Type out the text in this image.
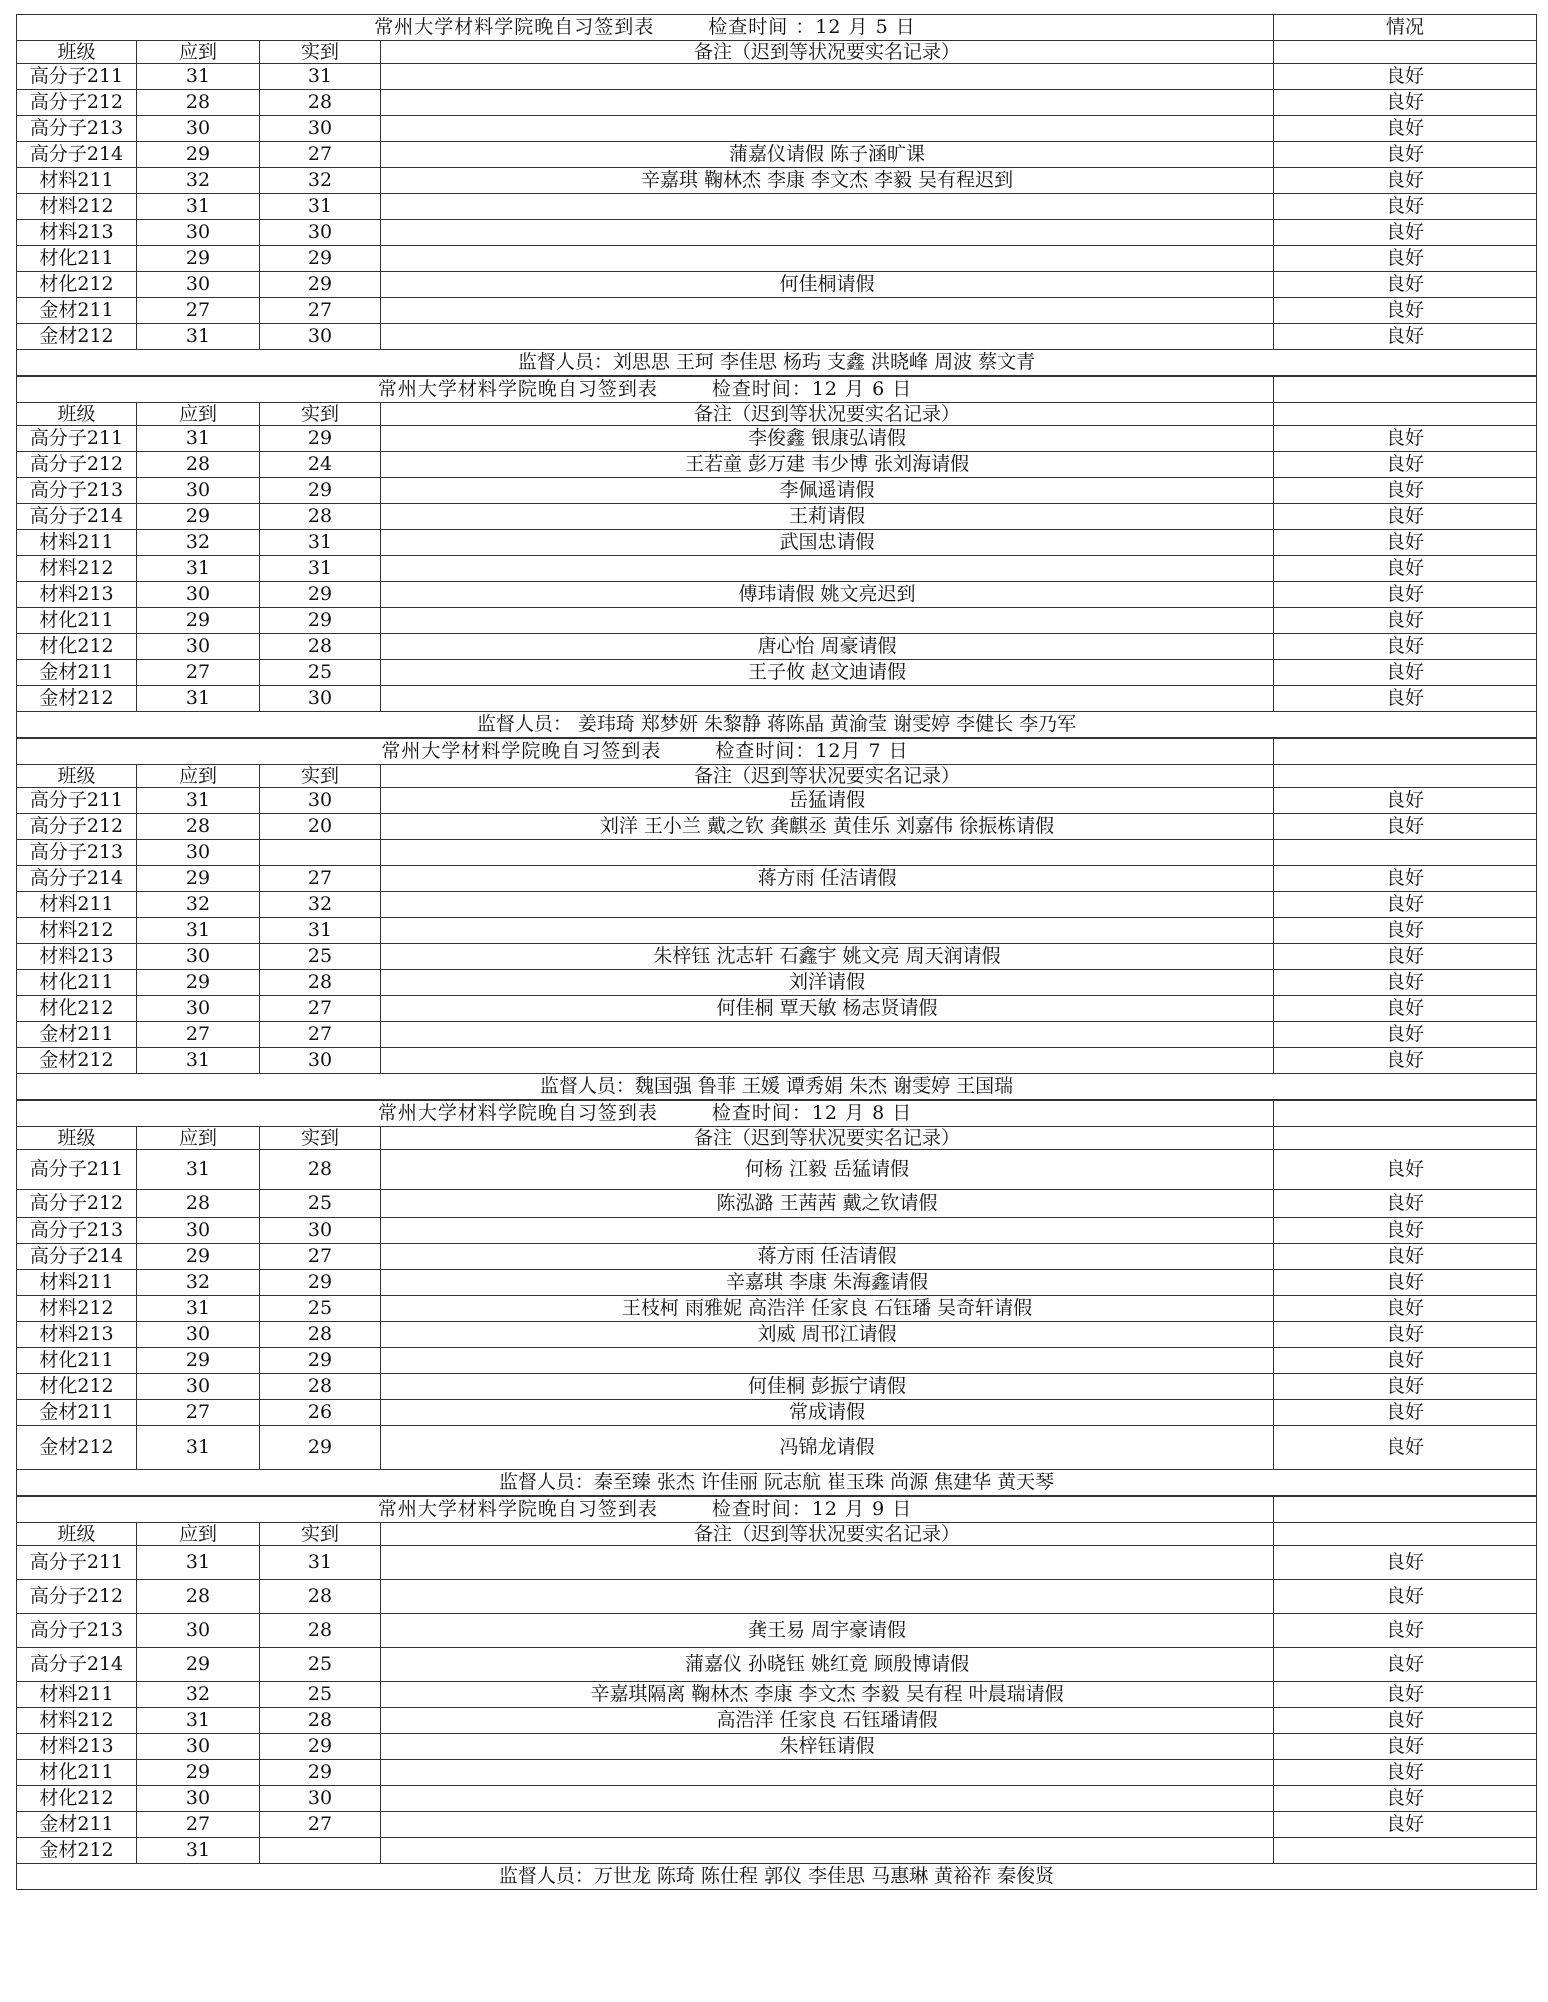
常州大学材料学院晚自习签到表 检查时间 ：12 月 5 日				情况
班级	应到	实到	备注（迟到等状况要实名记录）	
高分子211	31	31		良好
高分子212	28	28		良好
高分子213	30	30		良好
高分子214	29	27	蒲嘉仪请假 陈子涵旷课	良好
材料211	32	32	辛嘉琪 鞠林杰 李康 李文杰 李毅 吴有程迟到	良好
材料212	31	31		良好
材料213	30	30		良好
材化211	29	29		良好
材化212	30	29	何佳桐请假	良好
金材211	27	27		良好
金材212	31	30		良好
监督人员：刘思思 王珂 李佳思 杨玙 支鑫 洪晓峰 周波 蔡文青				
常州大学材料学院晚自习签到表 检查时间：12 月 6 日				
班级	应到	实到	备注（迟到等状况要实名记录）	
高分子211	31	29	李俊鑫 银康弘请假	良好
高分子212	28	24	王若童 彭万建 韦少博 张刘海请假	良好
高分子213	30	29	李佩遥请假	良好
高分子214	29	28	王莉请假	良好
材料211	32	31	武国忠请假	良好
材料212	31	31		良好
材料213	30	29	傅玮请假 姚文亮迟到	良好
材化211	29	29		良好
材化212	30	28	唐心怡 周豪请假	良好
金材211	27	25	王子攸 赵文迪请假	良好
金材212	31	30		良好
监督人员： 姜玮琦 郑梦妍 朱黎静 蒋陈晶 黄渝莹 谢雯婷 李健长 李乃军				
常州大学材料学院晚自习签到表 检查时间：12月 7 日				
班级	应到	实到	备注（迟到等状况要实名记录）	
高分子211	31	30	岳猛请假	良好
高分子212	28	20	刘洋 王小兰 戴之钦 龚麒丞 黄佳乐 刘嘉伟 徐振栋请假	良好
高分子213	30			
高分子214	29	27	蒋方雨 任洁请假	良好
材料211	32	32		良好
材料212	31	31		良好
材料213	30	25	朱梓钰 沈志轩 石鑫宇 姚文亮 周天润请假	良好
材化211	29	28	刘洋请假	良好
材化212	30	27	何佳桐 覃天敏 杨志贤请假	良好
金材211	27	27		良好
金材212	31	30		良好
监督人员：魏国强 鲁菲 王媛 谭秀娟 朱杰 谢雯婷 王国瑞				
常州大学材料学院晚自习签到表 检查时间：12 月 8 日				
班级	应到	实到	备注（迟到等状况要实名记录）	
高分子211	31	28	何杨 江毅 岳猛请假	良好
高分子212	28	25	陈泓潞 王茜茜 戴之钦请假	良好
高分子213	30	30		良好
高分子214	29	27	蒋方雨 任洁请假	良好
材料211	32	29	辛嘉琪 李康 朱海鑫请假	良好
材料212	31	25	王枝柯 雨雅妮 高浩洋 任家良 石钰璠 吴奇轩请假	良好
材料213	30	28	刘威 周邗江请假	良好
材化211	29	29		良好
材化212	30	28	何佳桐 彭振宁请假	良好
金材211	27	26	常成请假	良好
金材212	31	29	冯锦龙请假	良好
监督人员：秦至臻 张杰 许佳丽 阮志航 崔玉珠 尚源 焦建华 黄天琴				
常州大学材料学院晚自习签到表 检查时间：12 月 9 日				
班级	应到	实到	备注（迟到等状况要实名记录）	
高分子211	31	31		良好
高分子212	28	28		良好
高分子213	30	28	龚王易 周宇豪请假	良好
高分子214	29	25	蒲嘉仪 孙晓钰 姚红竟 顾殷博请假	良好
材料211	32	25	辛嘉琪隔离 鞠林杰 李康 李文杰 李毅 吴有程 叶晨瑞请假	良好
材料212	31	28	高浩洋 任家良 石钰璠请假	良好
材料213	30	29	朱梓钰请假	良好
材化211	29	29		良好
材化212	30	30		良好
金材211	27	27		良好
金材212	31			
监督人员：万世龙 陈琦 陈仕程 郭仪 李佳思 马惠琳 黄裕祚 秦俊贤				
